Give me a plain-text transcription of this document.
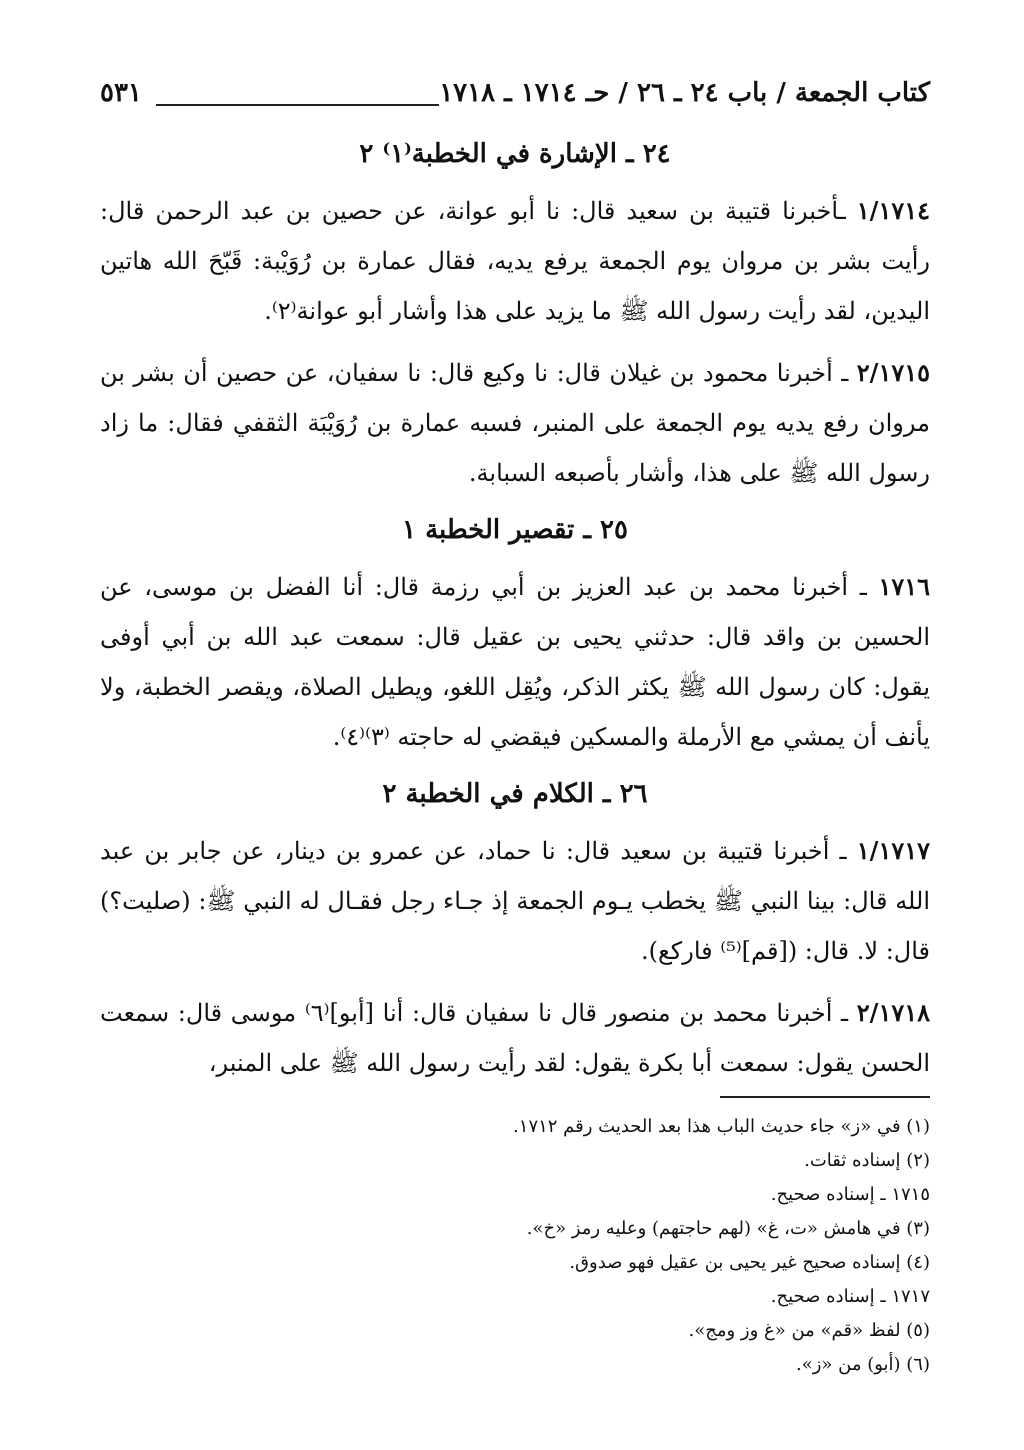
كتاب الجمعة / باب ٢٤ ـ ٢٦ / حـ ١٧١٤ ـ ١٧١٨
٥٣١
٢٤ ـ الإشارة في الخطبة⁽١⁾ ٢

١/١٧١٤ ـأخبرنا قتيبة بن سعيد قال: نا أبو عوانة، عن حصين بن عبد الرحمن قال: رأيت بشر بن مروان يوم الجمعة يرفع يديه، فقال عمارة بن رُوَيْبة: قَبّحَ الله هاتين اليدين، لقد رأيت رسول الله ﷺ ما يزيد على هذا وأشار أبو عوانة⁽٢⁾.

٢/١٧١٥ ـ أخبرنا محمود بن غيلان قال: نا وكيع قال: نا سفيان، عن حصين أن بشر بن مروان رفع يديه يوم الجمعة على المنبر، فسبه عمارة بن رُوَيْبَة الثقفي فقال: ما زاد رسول الله ﷺ على هذا، وأشار بأصبعه السبابة.

٢٥ ـ تقصير الخطبة ١

١٧١٦ ـ أخبرنا محمد بن عبد العزيز بن أبي رزمة قال: أنا الفضل بن موسى، عن الحسين بن واقد قال: حدثني يحيى بن عقيل قال: سمعت عبد الله بن أبي أوفى يقول: كان رسول الله ﷺ يكثر الذكر، ويُقِل اللغو، ويطيل الصلاة، ويقصر الخطبة، ولا يأنف أن يمشي مع الأرملة والمسكين فيقضي له حاجته ⁽٣⁾⁽٤⁾.

٢٦ ـ الكلام في الخطبة ٢

١/١٧١٧ ـ أخبرنا قتيبة بن سعيد قال: نا حماد، عن عمرو بن دينار، عن جابر بن عبد الله قال: بينا النبي ﷺ يخطب يـوم الجمعة إذ جـاء رجل فقـال له النبي ﷺ: (صليت؟) قال: لا. قال: ([قم]⁽⁵⁾ فاركع).

٢/١٧١٨ ـ أخبرنا محمد بن منصور قال نا سفيان قال: أنا [أبو]⁽٦⁾ موسى قال: سمعت الحسن يقول: سمعت أبا بكرة يقول: لقد رأيت رسول الله ﷺ على المنبر،

(١) في «ز» جاء حديث الباب هذا بعد الحديث رقم ١٧١٢.
(٢) إسناده ثقات.
١٧١٥ ـ إسناده صحيح.
(٣) في هامش «ت، غ» (لهم حاجتهم) وعليه رمز «خ».
(٤) إسناده صحيح غير يحيى بن عقيل فهو صدوق.
١٧١٧ ـ إسناده صحيح.
(٥) لفظ «قم» من «غ وز ومج».
(٦) (أبو) من «ز».
